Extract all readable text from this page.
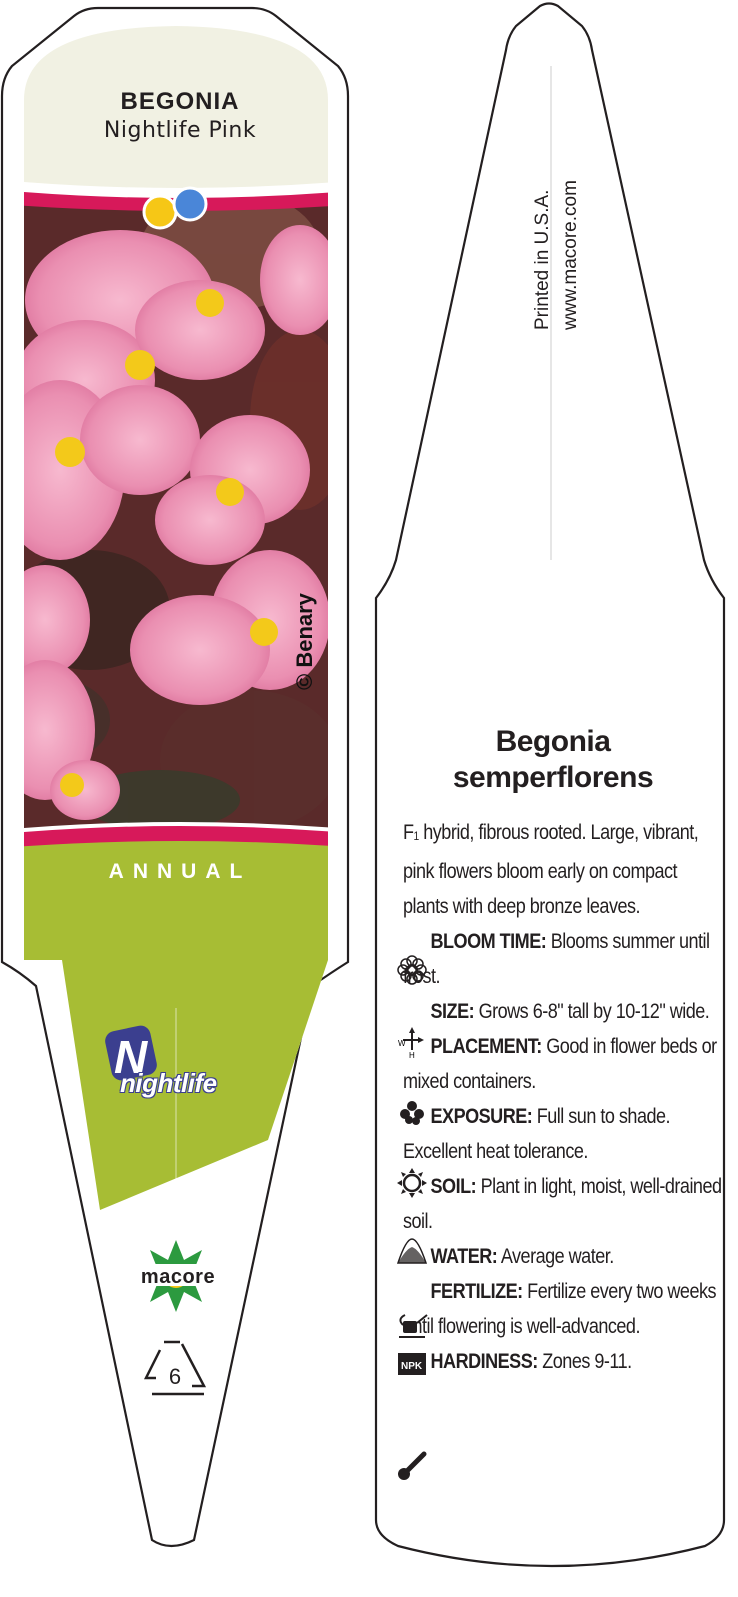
N	W
H
NPK
BEGONIA
Nightlife Pink
© Benary
ANNUAL
nightlife
macore
6
Printed in U.S.A. www.macore.com
Begonia
semperflorens

$F_1$ hybrid, fibrous rooted. Large, vibrant, pink flowers bloom early on compact plants with deep bronze leaves.

BLOOM TIME: Blooms summer until frost.

SIZE: Grows 6-8" tall by 10-12" wide.

PLACEMENT: Good in flower beds or mixed containers.

EXPOSURE: Full sun to shade. Excellent heat tolerance.

SOIL: Plant in light, moist, well-drained soil.

WATER: Average water.

FERTILIZE: Fertilize every two weeks until flowering is well-advanced.

HARDINESS: Zones 9-11.
